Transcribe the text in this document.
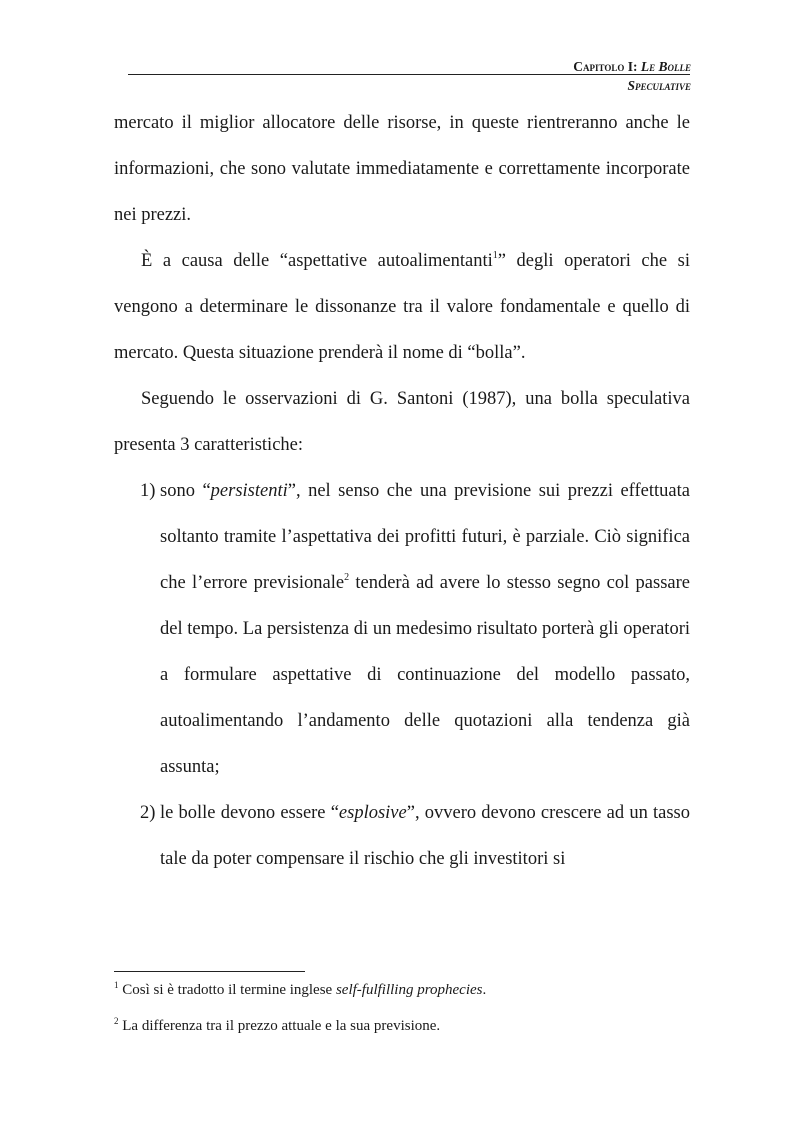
Capitolo I: Le Bolle
Speculative

mercato il miglior allocatore delle risorse, in queste rientreranno anche le informazioni, che sono valutate immediatamente e correttamente incorporate nei prezzi.

È a causa delle “aspettative autoalimentanti$^1$” degli operatori che si vengono a determinare le dissonanze tra il valore fondamentale e quello di mercato. Questa situazione prenderà il nome di “bolla”.

Seguendo le osservazioni di G. Santoni (1987), una bolla speculativa presenta 3 caratteristiche:

1) sono “persistenti”, nel senso che una previsione sui prezzi effettuata soltanto tramite l’aspettativa dei profitti futuri, è parziale. Ciò significa che l’errore previsionale$^2$ tenderà ad avere lo stesso segno col passare del tempo. La persistenza di un medesimo risultato porterà gli operatori a formulare aspettative di continuazione del modello passato, autoalimentando l’andamento delle quotazioni alla tendenza già assunta;

2) le bolle devono essere “esplosive”, ovvero devono crescere ad un tasso tale da poter compensare il rischio che gli investitori si

$^1$ Così si è tradotto il termine inglese self-fulfilling prophecies.

$^2$ La differenza tra il prezzo attuale e la sua previsione.
